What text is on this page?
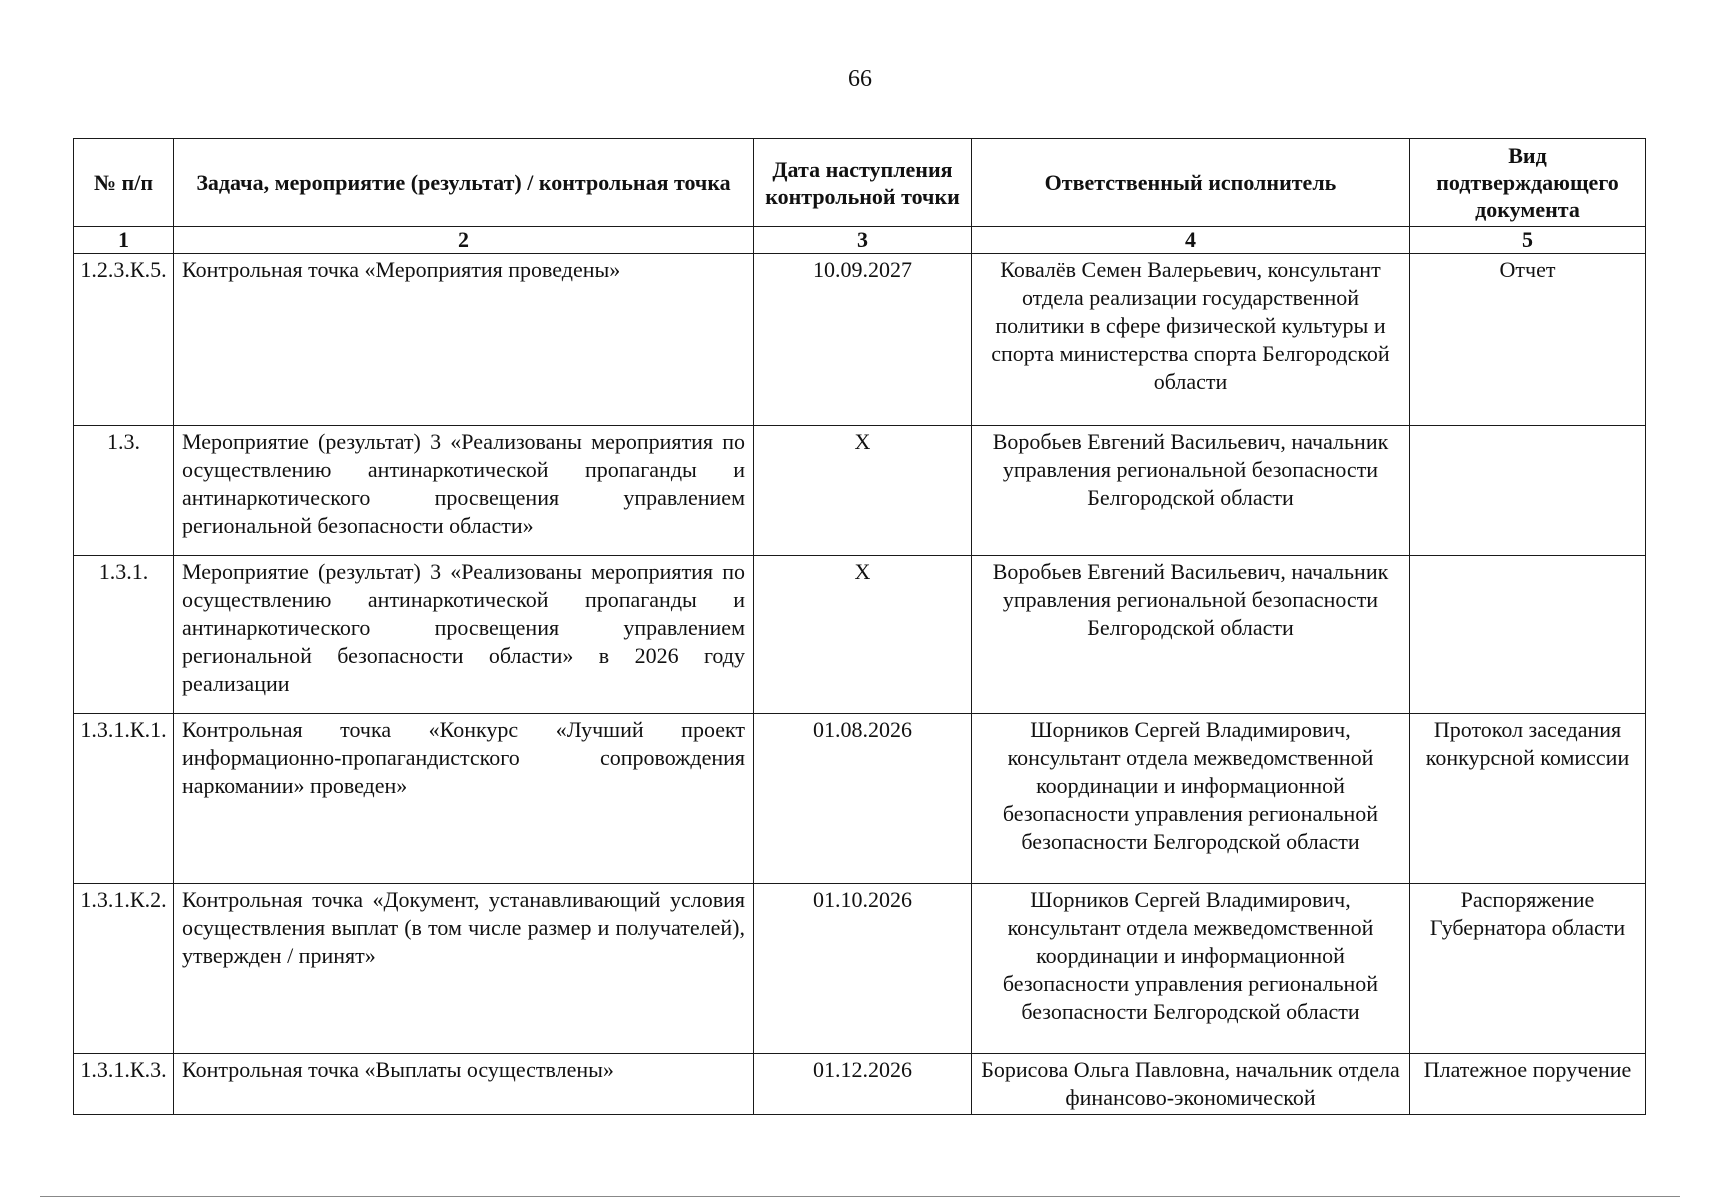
66
№ п/п	Задача, мероприятие (результат) / контрольная точка	Дата наступления контрольной точки	Ответственный исполнитель	Вид подтверждающего документа
1	2	3	4	5
1.2.3.К.5.	Контрольная точка «Мероприятия проведены»	10.09.2027	Ковалёв Семен Валерьевич, консультант отдела реализации государственной политики в сфере физической культуры и спорта министерства спорта Белгородской области	Отчет
1.3.	Мероприятие (результат) 3 «Реализованы мероприятия по осуществлению антинаркотической пропаганды и антинаркотического просвещения управлением региональной безопасности области»	Х	Воробьев Евгений Васильевич, начальник управления региональной безопасности Белгородской области	
1.3.1.	Мероприятие (результат) 3 «Реализованы мероприятия по осуществлению антинаркотической пропаганды и антинаркотического просвещения управлением региональной безопасности области» в 2026 году реализации	Х	Воробьев Евгений Васильевич, начальник управления региональной безопасности Белгородской области	
1.3.1.К.1.	Контрольная точка «Конкурс «Лучший проект информационно-пропагандистского сопровождения наркомании» проведен»	01.08.2026	Шорников Сергей Владимирович, консультант отдела межведомственной координации и информационной безопасности управления региональной безопасности Белгородской области	Протокол заседания конкурсной комиссии
1.3.1.К.2.	Контрольная точка «Документ, устанавливающий условия осуществления выплат (в том числе размер и получателей), утвержден / принят»	01.10.2026	Шорников Сергей Владимирович, консультант отдела межведомственной координации и информационной безопасности управления региональной безопасности Белгородской области	Распоряжение Губернатора области
1.3.1.К.3.	Контрольная точка «Выплаты осуществлены»	01.12.2026	Борисова Ольга Павловна, начальник отдела финансово-экономической	Платежное поручение
